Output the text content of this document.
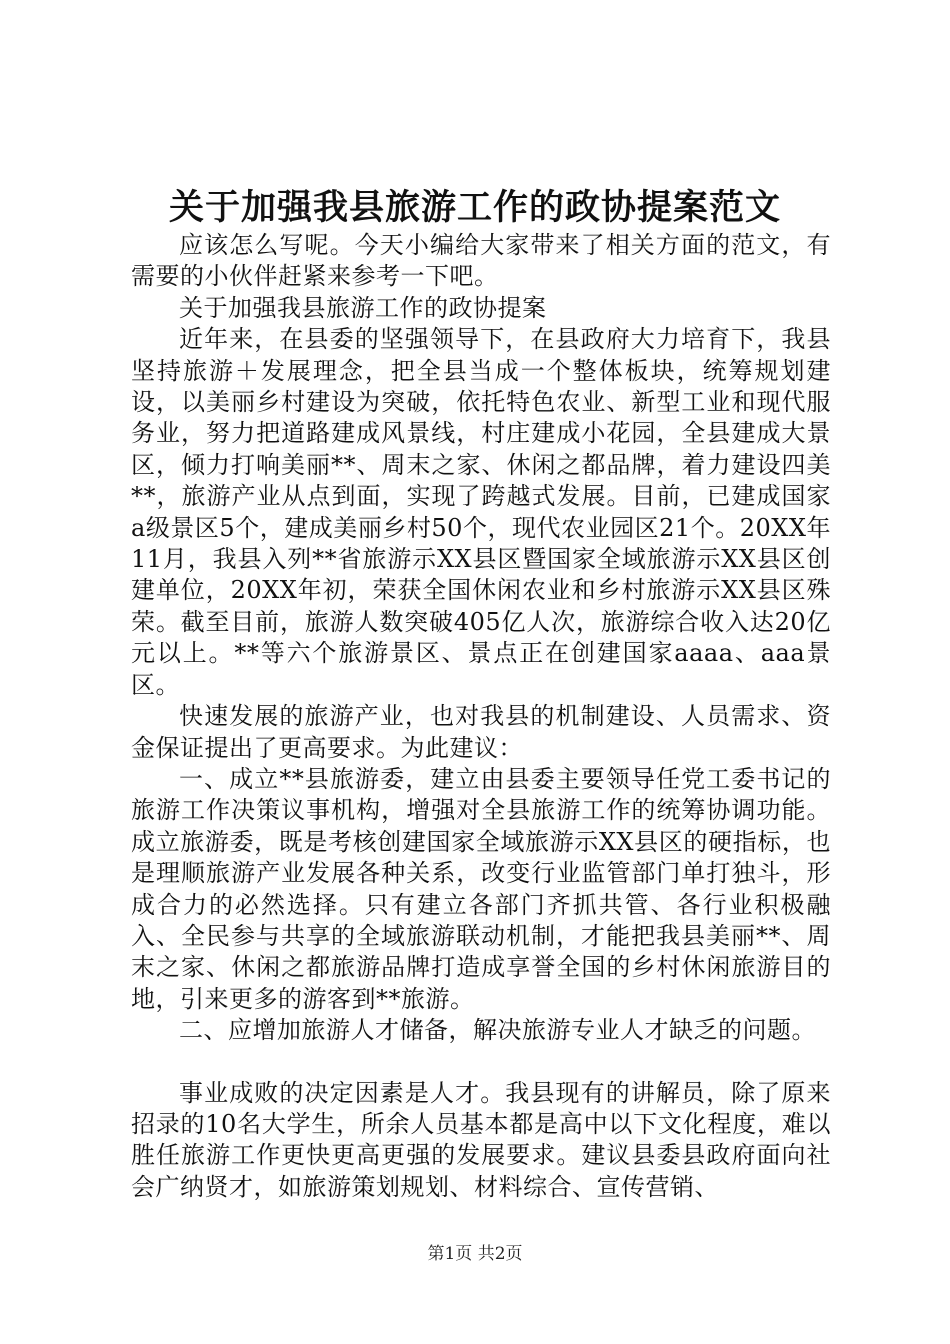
关于加强我县旅游工作的政协提案范文

应该怎么写呢。今天小编给大家带来了相关方面的范文，有需要的小伙伴赶紧来参考一下吧。

关于加强我县旅游工作的政协提案

近年来，在县委的坚强领导下，在县政府大力培育下，我县坚持旅游＋发展理念，把全县当成一个整体板块，统筹规划建设，以美丽乡村建设为突破，依托特色农业、新型工业和现代服务业，努力把道路建成风景线，村庄建成小花园，全县建成大景区，倾力打响美丽**、周末之家、休闲之都品牌，着力建设四美**，旅游产业从点到面，实现了跨越式发展。目前，已建成国家a级景区5个，建成美丽乡村50个，现代农业园区21个。20XX年11月，我县入列**省旅游示XX县区暨国家全域旅游示XX县区创建单位，20XX年初，荣获全国休闲农业和乡村旅游示XX县区殊荣。截至目前，旅游人数突破405亿人次，旅游综合收入达20亿元以上。**等六个旅游景区、景点正在创建国家aaaa、aaa景区。

快速发展的旅游产业，也对我县的机制建设、人员需求、资金保证提出了更高要求。为此建议：

一、成立**县旅游委，建立由县委主要领导任党工委书记的旅游工作决策议事机构，增强对全县旅游工作的统筹协调功能。成立旅游委，既是考核创建国家全域旅游示XX县区的硬指标，也是理顺旅游产业发展各种关系，改变行业监管部门单打独斗，形成合力的必然选择。只有建立各部门齐抓共管、各行业积极融入、全民参与共享的全域旅游联动机制，才能把我县美丽**、周末之家、休闲之都旅游品牌打造成享誉全国的乡村休闲旅游目的地，引来更多的游客到**旅游。

二、应增加旅游人才储备，解决旅游专业人才缺乏的问题。

事业成败的决定因素是人才。我县现有的讲解员，除了原来招录的10名大学生，所余人员基本都是高中以下文化程度，难以胜任旅游工作更快更高更强的发展要求。建议县委县政府面向社会广纳贤才，如旅游策划规划、材料综合、宣传营销、

第1页 共2页
